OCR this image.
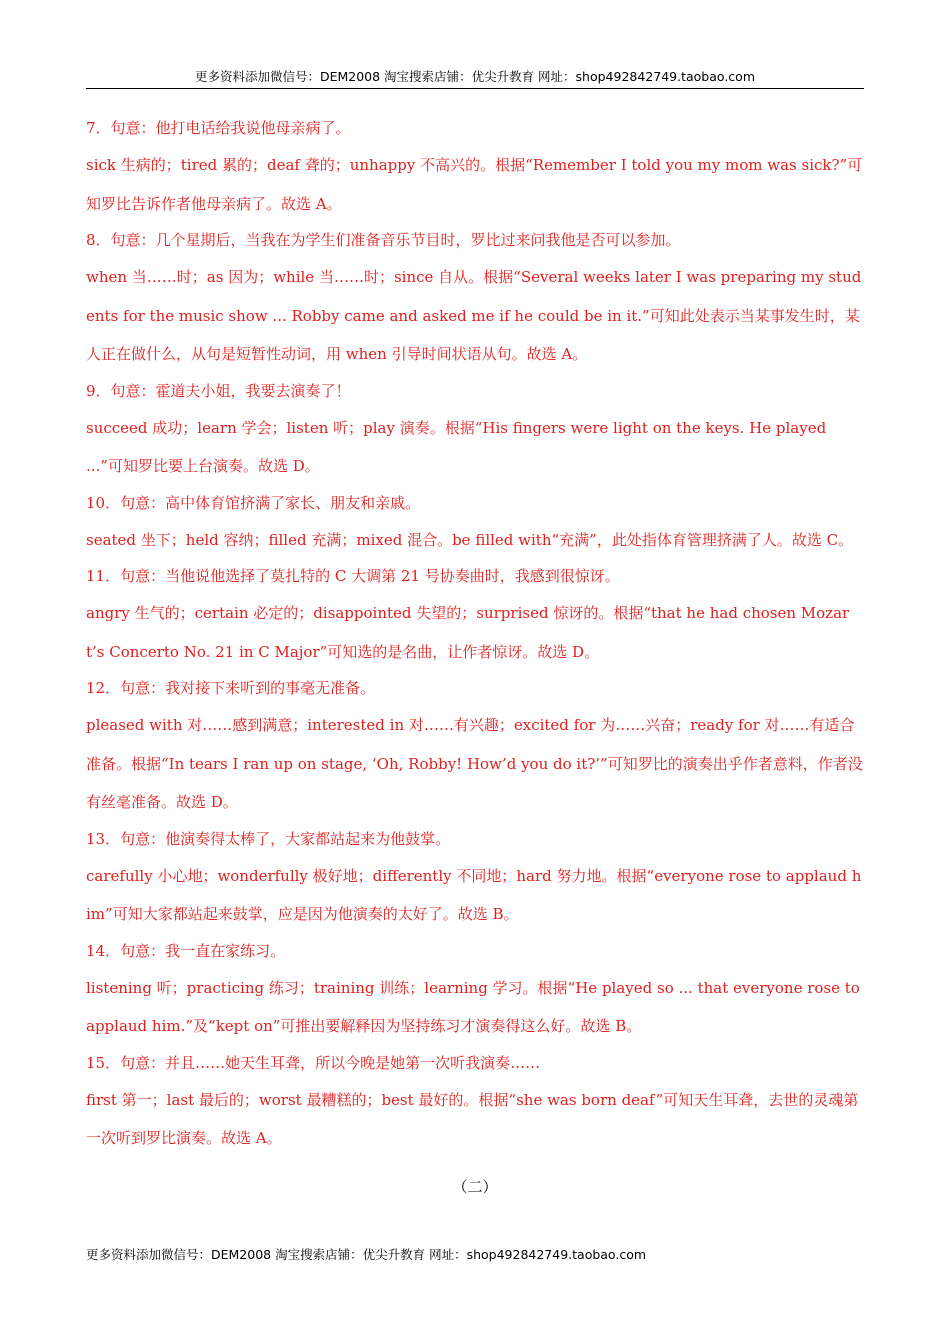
更多资料添加微信号：DEM2008 淘宝搜索店铺：优尖升教育 网址：shop492842749.taobao.com

7．句意：他打电话给我说他母亲病了。

sick 生病的；tired 累的；deaf 聋的；unhappy 不高兴的。根据“Remember I told you my mom was sick?”可知罗比告诉作者他母亲病了。故选 A。

8．句意：几个星期后，当我在为学生们准备音乐节目时，罗比过来问我他是否可以参加。

when 当……时；as 因为；while 当……时；since 自从。根据“Several weeks later I was preparing my students for the music show ... Robby came and asked me if he could be in it.”可知此处表示当某事发生时，某人正在做什么，从句是短暂性动词，用 when 引导时间状语从句。故选 A。

9．句意：霍道夫小姐，我要去演奏了！

succeed 成功；learn 学会；listen 听；play 演奏。根据“His fingers were light on the keys. He played ...”可知罗比要上台演奏。故选 D。

10．句意：高中体育馆挤满了家长、朋友和亲戚。

seated 坐下；held 容纳；filled 充满；mixed 混合。be filled with“充满”，此处指体育管理挤满了人。故选 C。

11．句意：当他说他选择了莫扎特的 C 大调第 21 号协奏曲时，我感到很惊讶。

angry 生气的；certain 必定的；disappointed 失望的；surprised 惊讶的。根据“that he had chosen Mozart’s Concerto No. 21 in C Major”可知选的是名曲，让作者惊讶。故选 D。

12．句意：我对接下来听到的事毫无准备。

pleased with 对……感到满意；interested in 对……有兴趣；excited for 为……兴奋；ready for 对……有适合准备。根据“In tears I ran up on stage, ‘Oh, Robby! How’d you do it?’”可知罗比的演奏出乎作者意料，作者没有丝毫准备。故选 D。

13．句意：他演奏得太棒了，大家都站起来为他鼓掌。

carefully 小心地；wonderfully 极好地；differently 不同地；hard 努力地。根据“everyone rose to applaud him”可知大家都站起来鼓掌，应是因为他演奏的太好了。故选 B。

14．句意：我一直在家练习。

listening 听；practicing 练习；training 训练；learning 学习。根据“He played so ... that everyone rose to applaud him.”及“kept on”可推出要解释因为坚持练习才演奏得这么好。故选 B。

15．句意：并且……她天生耳聋，所以今晚是她第一次听我演奏……

first 第一；last 最后的；worst 最糟糕的；best 最好的。根据“she was born deaf”可知天生耳聋，去世的灵魂第一次听到罗比演奏。故选 A。

（二）
更多资料添加微信号：DEM2008 淘宝搜索店铺：优尖升教育 网址：shop492842749.taobao.com
